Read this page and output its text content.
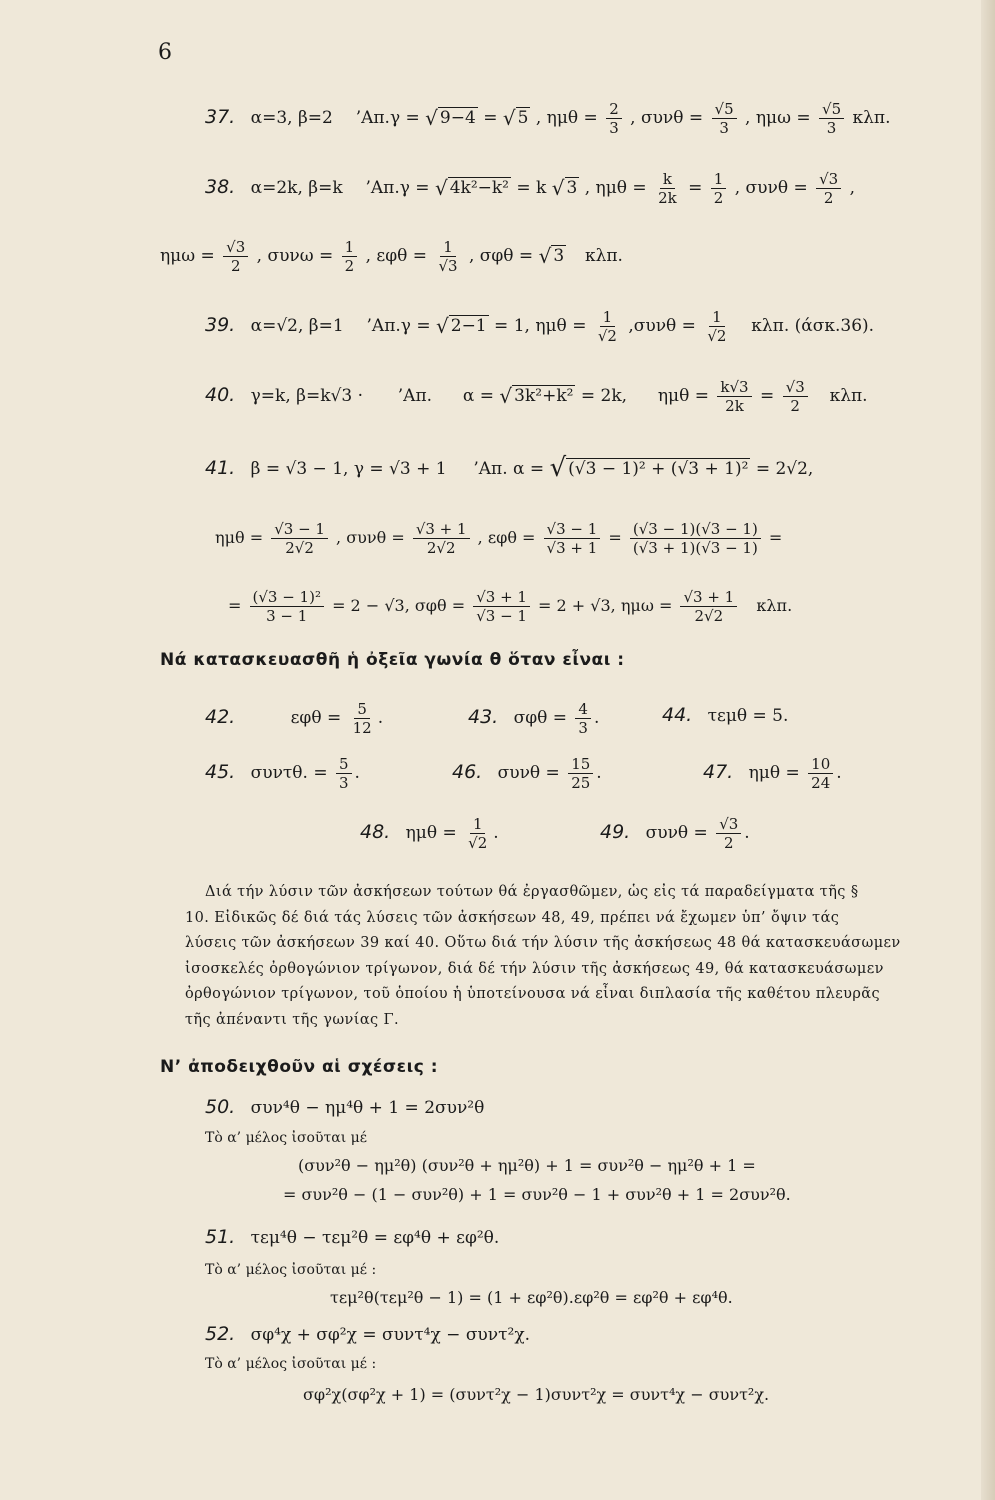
6
37. α=3, β=2 ’Απ.γ = √ 9−4 = √ 5 , $\eta\mu\theta = \frac{2}{3}$ , $\sigma\upsilon\nu\theta = \frac{√5}{3}$ , $\eta\mu\omega = \frac{√5}{3} \kappa\lambda\pi$.
38. α=2k, β=k ’Απ.γ = √ 4k²−k² = k √ 3 , $\eta\mu\theta = \frac{k}{2k} = \frac{1}{2}$ , $\sigma\upsilon\nu\theta = \frac{√3}{2}$ ,
$\eta\mu\omega = \frac{√3}{2}$ , $\sigma\upsilon\nu\omega = \frac{1}{2}$ , $\varepsilon\varphi\theta = \frac{1}{√3}$ , σφθ = √ 3 κλπ.
39. α=√2, β=1 ’Απ.γ = √ 2−1 = 1, $\eta\mu\theta = \frac{1}{√2} ,\sigma\upsilon\nu\theta = \frac{1}{√2} \kappa\lambda\pi$. (άσκ.36).
40. γ=k, β=k√3 · ’Απ. α = √ 3k²+k² = 2k, $\eta\mu\theta = \frac{k√3}{2k} = \frac{√3}{2} \kappa\lambda\pi$.
41. β = √3 − 1, γ = √3 + 1 ’Απ. α = √ (√3 − 1)² + (√3 + 1)² = 2√2,
$\eta\mu\theta = \frac{√3 - 1}{2√2}$ , $\sigma\upsilon\nu\theta = \frac{√3 + 1}{2√2}$ , $\varepsilon\varphi\theta = \frac{√3 - 1}{√3 + 1} = \frac{(√3 - 1)(√3 - 1)}{(√3 + 1)(√3 - 1)}$ =
= $\frac{\text{(√3 − 1)²}}{3 - 1} = 2 - √3$, $\sigma\varphi\theta = \frac{√3 + 1}{√3 - 1} = 2 + √3$, $\eta\mu\omega = \frac{√3 + 1}{2√2} \kappa\lambda\pi$.
Νά κατασκευασθῆ ἡ ὀξεῖα γωνία θ ὅταν εἶναι :
42.	$\varepsilon\varphi\theta = \frac{5}{12}$ .	43. $\sigma\varphi\theta = \frac{4}{3}$ .	44. τεμθ = 5.
45. συντθ. = $\frac{5}{3}$ .	46. $\sigma\upsilon\nu\theta = \frac{15}{25}$ .	47. $\eta\mu\theta = \frac{10}{24}$ .
48. $\eta\mu\theta = \frac{1}{√2}$ .	49. $\sigma\upsilon\nu\theta = \frac{√3}{2}$ .
Διά τήν λύσιν τῶν ἀσκήσεων τούτων θά ἐργασθῶμεν, ὡς εἰς τά παραδείγματα τῆς §
10. Εἰδικῶς δέ διά τάς λύσεις τῶν ἀσκήσεων 48, 49, πρέπει νά ἔχωμεν ὑπ’ ὄψιν τάς
λύσεις τῶν ἀσκήσεων 39 καί 40. Οὕτω διά τήν λύσιν τῆς ἀσκήσεως 48 θά κατασκευάσωμεν
ἰσοσκελές ὀρθογώνιον τρίγωνον, διά δέ τήν λύσιν τῆς ἀσκήσεως 49, θά κατασκευάσωμεν
ὀρθογώνιον τρίγωνον, τοῦ ὁποίου ἡ ὑποτείνουσα νά εἶναι διπλασία τῆς καθέτου πλευρᾶς
τῆς ἀπέναντι τῆς γωνίας Γ.
Ν’ ἀποδειχθοῦν αἱ σχέσεις :
50. συν⁴θ − ημ⁴θ + 1 = 2συν²θ
Τὸ α’ μέλος ἰσοῦται μέ
(συν²θ − ημ²θ) (συν²θ + ημ²θ) + 1 = συν²θ − ημ²θ + 1 =
= συν²θ − (1 − συν²θ) + 1 = συν²θ − 1 + συν²θ + 1 = 2συν²θ.
51. τεμ⁴θ − τεμ²θ = εφ⁴θ + εφ²θ.
Τὸ α’ μέλος ἰσοῦται μέ :
τεμ²θ(τεμ²θ − 1) = (1 + εφ²θ).εφ²θ = εφ²θ + εφ⁴θ.
52. σφ⁴χ + σφ²χ = συντ⁴χ − συντ²χ.
Τὸ α’ μέλος ἰσοῦται μέ :
σφ²χ(σφ²χ + 1) = (συντ²χ − 1)συντ²χ = συντ⁴χ − συντ²χ.
